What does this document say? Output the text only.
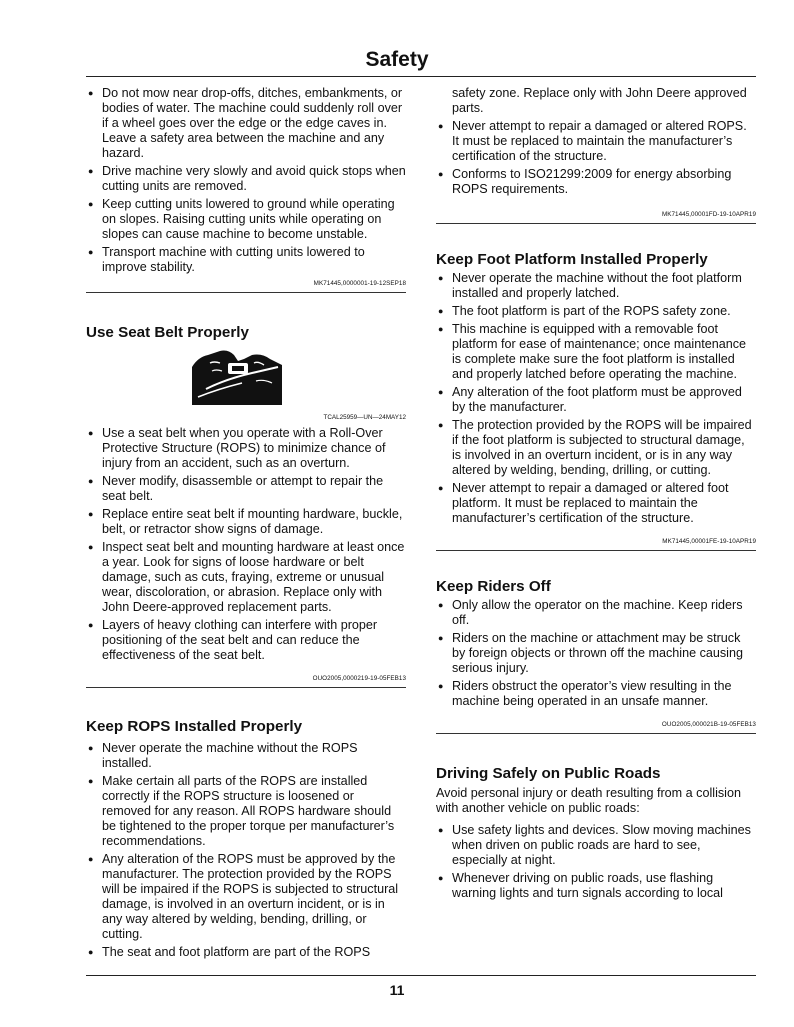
Safety
● Do not mow near drop-offs, ditches, embankments, or bodies of water. The machine could suddenly roll over if a wheel goes over the edge or the edge caves in. Leave a safety area between the machine and any hazard.
● Drive machine very slowly and avoid quick stops when cutting units are removed.
● Keep cutting units lowered to ground while operating on slopes. Raising cutting units while operating on slopes can cause machine to become unstable.
● Transport machine with cutting units lowered to improve stability.
MK71445,0000001-19-12SEP18
Use Seat Belt Properly
TCAL25959—UN—24MAY12
● Use a seat belt when you operate with a Roll-Over Protective Structure (ROPS) to minimize chance of injury from an accident, such as an overturn.
● Never modify, disassemble or attempt to repair the seat belt.
● Replace entire seat belt if mounting hardware, buckle, belt, or retractor show signs of damage.
● Inspect seat belt and mounting hardware at least once a year. Look for signs of loose hardware or belt damage, such as cuts, fraying, extreme or unusual wear, discoloration, or abrasion. Replace only with John Deere-approved replacement parts.
● Layers of heavy clothing can interfere with proper positioning of the seat belt and can reduce the effectiveness of the seat belt.
OUO2005,0000219-19-05FEB13
Keep ROPS Installed Properly
● Never operate the machine without the ROPS installed.
● Make certain all parts of the ROPS are installed correctly if the ROPS structure is loosened or removed for any reason. All ROPS hardware should be tightened to the proper torque per manufacturer’s recommendations.
● Any alteration of the ROPS must be approved by the manufacturer. The protection provided by the ROPS will be impaired if the ROPS is subjected to structural damage, is involved in an overturn incident, or is in any way altered by welding, bending, drilling, or cutting.
● The seat and foot platform are part of the ROPS
safety zone. Replace only with John Deere approved parts.
● Never attempt to repair a damaged or altered ROPS. It must be replaced to maintain the manufacturer’s certification of the structure.
● Conforms to ISO21299:2009 for energy absorbing ROPS requirements.
MK71445,00001FD-19-10APR19
Keep Foot Platform Installed Properly
● Never operate the machine without the foot platform installed and properly latched.
● The foot platform is part of the ROPS safety zone.
● This machine is equipped with a removable foot platform for ease of maintenance; once maintenance is complete make sure the foot platform is installed and properly latched before operating the machine.
● Any alteration of the foot platform must be approved by the manufacturer.
● The protection provided by the ROPS will be impaired if the foot platform is subjected to structural damage, is involved in an overturn incident, or is in any way altered by welding, bending, drilling, or cutting.
● Never attempt to repair a damaged or altered foot platform. It must be replaced to maintain the manufacturer’s certification of the structure.
MK71445,00001FE-19-10APR19
Keep Riders Off
● Only allow the operator on the machine. Keep riders off.
● Riders on the machine or attachment may be struck by foreign objects or thrown off the machine causing serious injury.
● Riders obstruct the operator’s view resulting in the machine being operated in an unsafe manner.
OUO2005,000021B-19-05FEB13
Driving Safely on Public Roads

Avoid personal injury or death resulting from a collision with another vehicle on public roads:

● Use safety lights and devices. Slow moving machines when driven on public roads are hard to see, especially at night.
● Whenever driving on public roads, use flashing warning lights and turn signals according to local
11
